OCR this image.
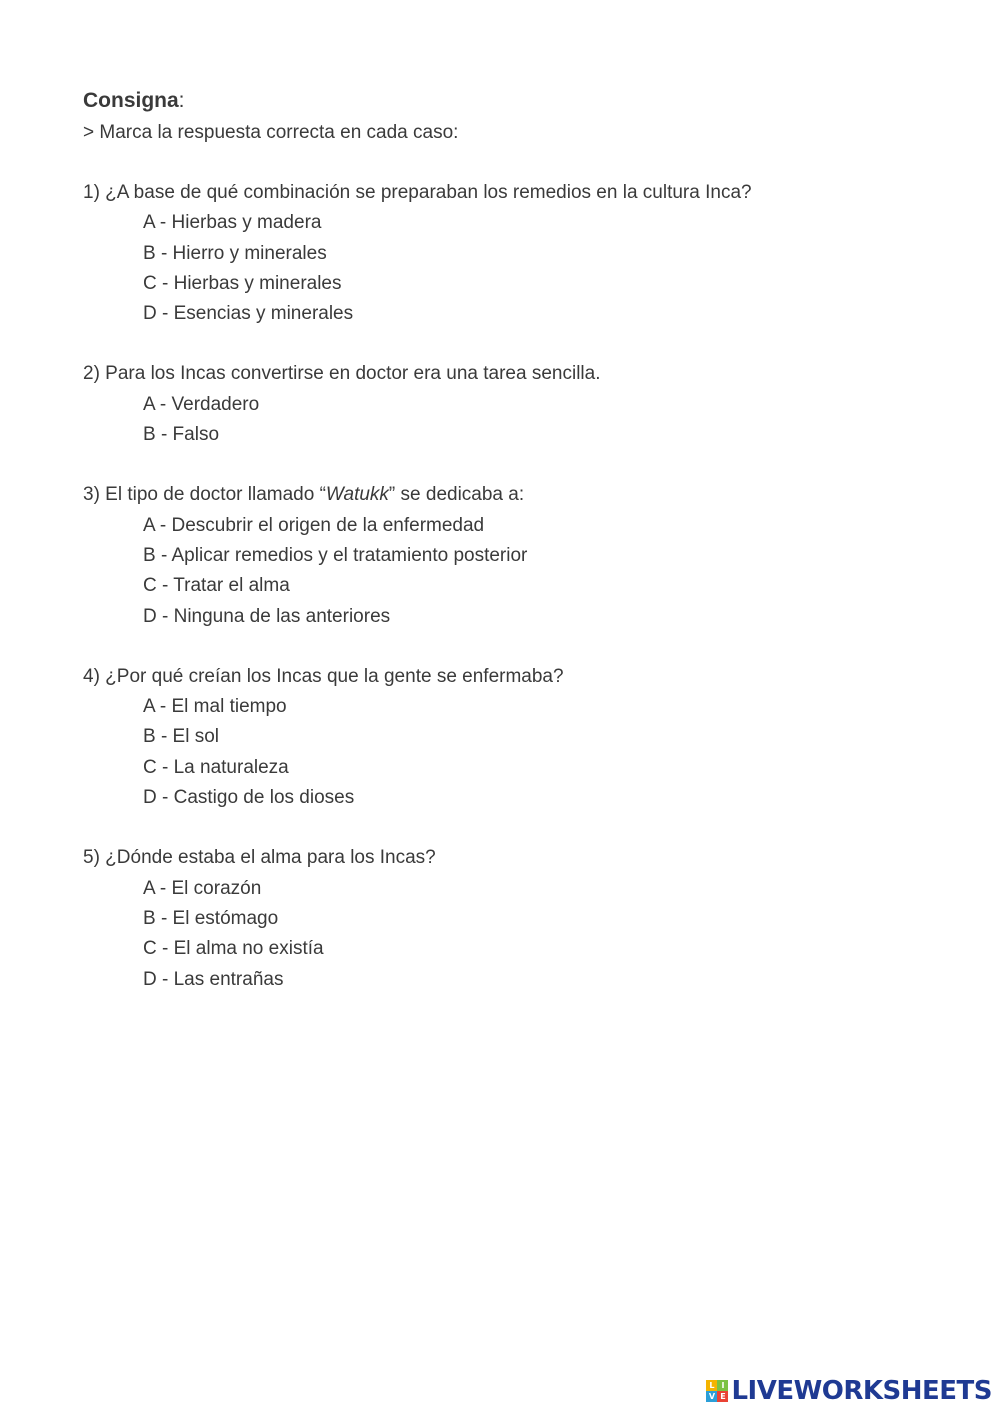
Consigna:
> Marca la respuesta correcta en cada caso:
1) ¿A base de qué combinación se preparaban los remedios en la cultura Inca?
A - Hierbas y madera
B - Hierro y minerales
C - Hierbas y minerales
D - Esencias y minerales
2) Para los Incas convertirse en doctor era una tarea sencilla.
A - Verdadero
B - Falso
3) El tipo de doctor llamado “Watukk” se dedicaba a:
A - Descubrir el origen de la enfermedad
B - Aplicar remedios y el tratamiento posterior
C - Tratar el alma
D - Ninguna de las anteriores
4) ¿Por qué creían los Incas que la gente se enfermaba?
A - El mal tiempo
B - El sol
C - La naturaleza
D - Castigo de los dioses
5) ¿Dónde estaba el alma para los Incas?
A - El corazón
B - El estómago
C - El alma no existía
D - Las entrañas
L I
V E LIVEWORKSHEETS
